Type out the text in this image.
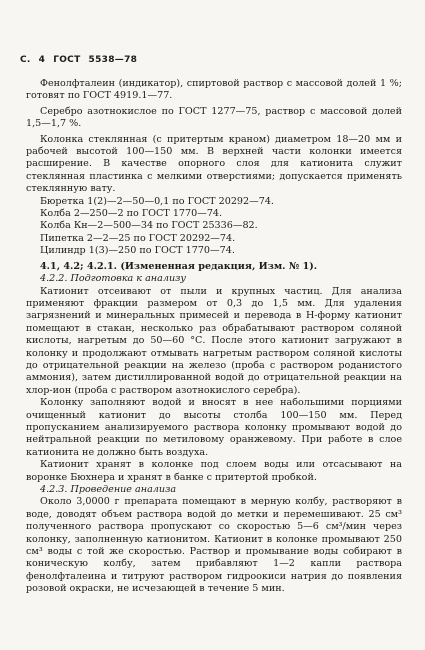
С. 4 ГОСТ 5538—78

Фенолфталеин (индикатор), спиртовой раствор с массовой долей 1 %; готовят по ГОСТ 4919.1—77.

Серебро азотнокислое по ГОСТ 1277—75, раствор с массовой долей 1,5—1,7 %.

Колонка стеклянная (с притертым краном) диаметром 18—20 мм и рабочей высотой 100—150 мм. В верхней части колонки имеется расширение. В качестве опорного слоя для катионита служит стеклянная пластинка с мелкими отверстиями; допускается применять стеклянную вату.

Бюретка 1(2)—2—50—0,1 по ГОСТ 20292—74.

Колба 2—250—2 по ГОСТ 1770—74.

Колба Кн—2—500—34 по ГОСТ 25336—82.

Пипетка 2—2—25 по ГОСТ 20292—74.

Цилиндр 1(3)—250 по ГОСТ 1770—74.

4.1, 4.2; 4.2.1. (Измененная редакция, Изм. № 1).

4.2.2. Подготовка к анализу

Катионит отсеивают от пыли и крупных частиц. Для анализа применяют фракции размером от 0,3 до 1,5 мм. Для удаления загрязнений и минеральных примесей и перевода в Н-форму катионит помещают в стакан, несколько раз обрабатывают раствором соляной кислоты, нагретым до 50—60 °С. После этого катионит загружают в колонку и продолжают отмывать нагретым раствором соляной кислоты до отрицательной реакции на железо (проба с раствором роданистого аммония), затем дистиллированной водой до отрицательной реакции на хлор-ион (проба с раствором азотнокислого серебра).

Колонку заполняют водой и вносят в нее набольшими порциями очищенный катионит до высоты столба 100—150 мм. Перед пропусканием анализируемого раствора колонку промывают водой до нейтральной реакции по метиловому оранжевому. При работе в слое катионита не должно быть воздуха.

Катионит хранят в колонке под слоем воды или отсасывают на воронке Бюхнера и хранят в банке с притертой пробкой.

4.2.3. Проведение анализа

Около 3,0000 г препарата помещают в мерную колбу, растворяют в воде, доводят объем раствора водой до метки и перемешивают. 25 см³ полученного раствора пропускают со скоростью 5—6 см³/мин через колонку, заполненную катионитом. Катионит в колонке промывают 250 см³ воды с той же скоростью. Раствор и промывание воды собирают в коническую колбу, затем прибавляют 1—2 капли раствора фенолфталеина и титруют раствором гидроокиси натрия до появления розовой окраски, не исчезающей в течение 5 мин.
